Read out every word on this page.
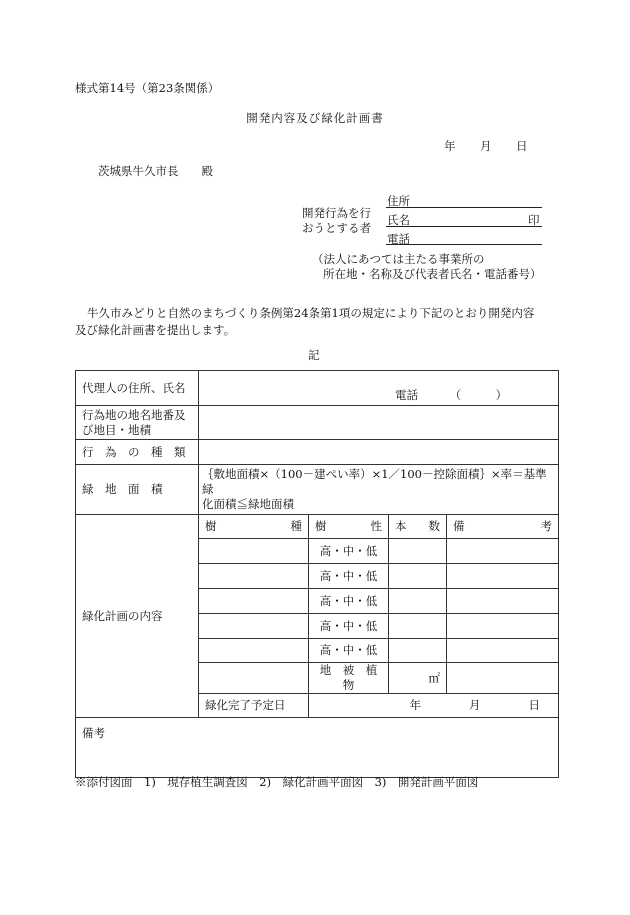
様式第14号（第23条関係）
開発内容及び緑化計画書
年 月 日
茨城県牛久市長　　殿
開発行為を行
おうとする者
住所
氏名	印
電話
（法人にあつては主たる事業所の
所在地・名称及び代表者氏名・電話番号）
牛久市みどりと自然のまちづくり条例第24条第1項の規定により下記のとおり開発内容
及び緑化計画書を提出します。
記
代理人の住所、氏名	電話 （　　　）			

行為地の地名地番及
び地目・地積				

行　為　の　種　類				
緑　地　面　積	｛敷地面積×（100－建ぺい率）×1／100－控除面積｝×率＝基準緑
化面積≦緑地面積			

緑化計画の内容	樹 種	樹 性	本 数	備 考

		高・中・低		
		高・中・低		
		高・中・低		
		高・中・低		
		高・中・低		
		地　被　植　物	㎡	
	緑化完了予定日	年 月 日		

備考				
※添付図面　1)　現存植生調査図　2)　緑化計画平面図　3)　開発計画平面図
